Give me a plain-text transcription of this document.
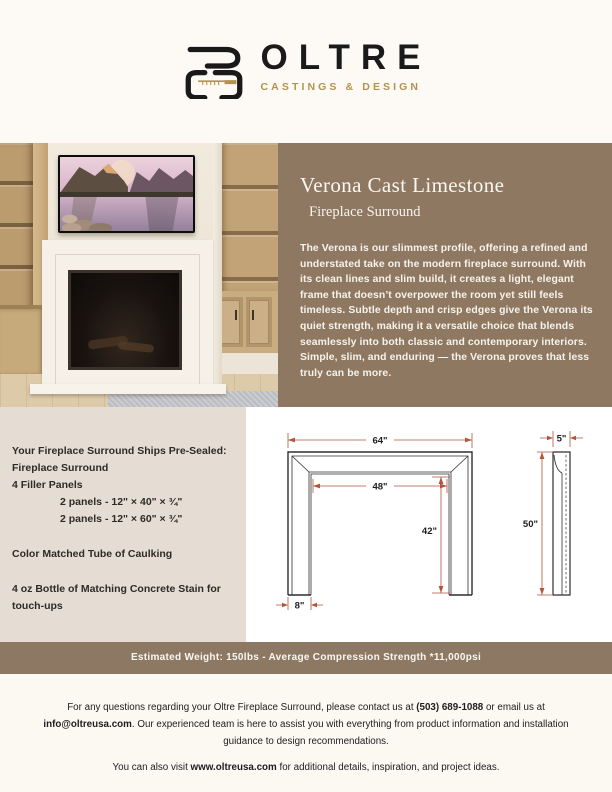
OLTRE
CASTINGS & DESIGN
Verona Cast Limestone
Fireplace Surround
The Verona is our slimmest profile, offering a refined and understated take on the modern fireplace surround. With its clean lines and slim build, it creates a light, elegant frame that doesn’t overpower the room yet still feels timeless. Subtle depth and crisp edges give the Verona its quiet strength, making it a versatile choice that blends seamlessly into both classic and contemporary interiors. Simple, slim, and enduring — the Verona proves that less truly can be more.
Your Fireplace Surround Ships Pre-Sealed:
Fireplace Surround
4 Filler Panels
2 panels - 12" × 40" × ¾"
2 panels - 12" × 60" × ¾"
Color Matched Tube of Caulking
4 oz Bottle of Matching Concrete Stain for touch-ups
64"
48"
42"
8"
5"
50"
Estimated Weight: 150lbs - Average Compression Strength *11,000psi
For any questions regarding your Oltre Fireplace Surround, please contact us at (503) 689-1088 or email us at info@oltreusa.com. Our experienced team is here to assist you with everything from product information and installation guidance to design recommendations.
You can also visit www.oltreusa.com for additional details, inspiration, and project ideas.
